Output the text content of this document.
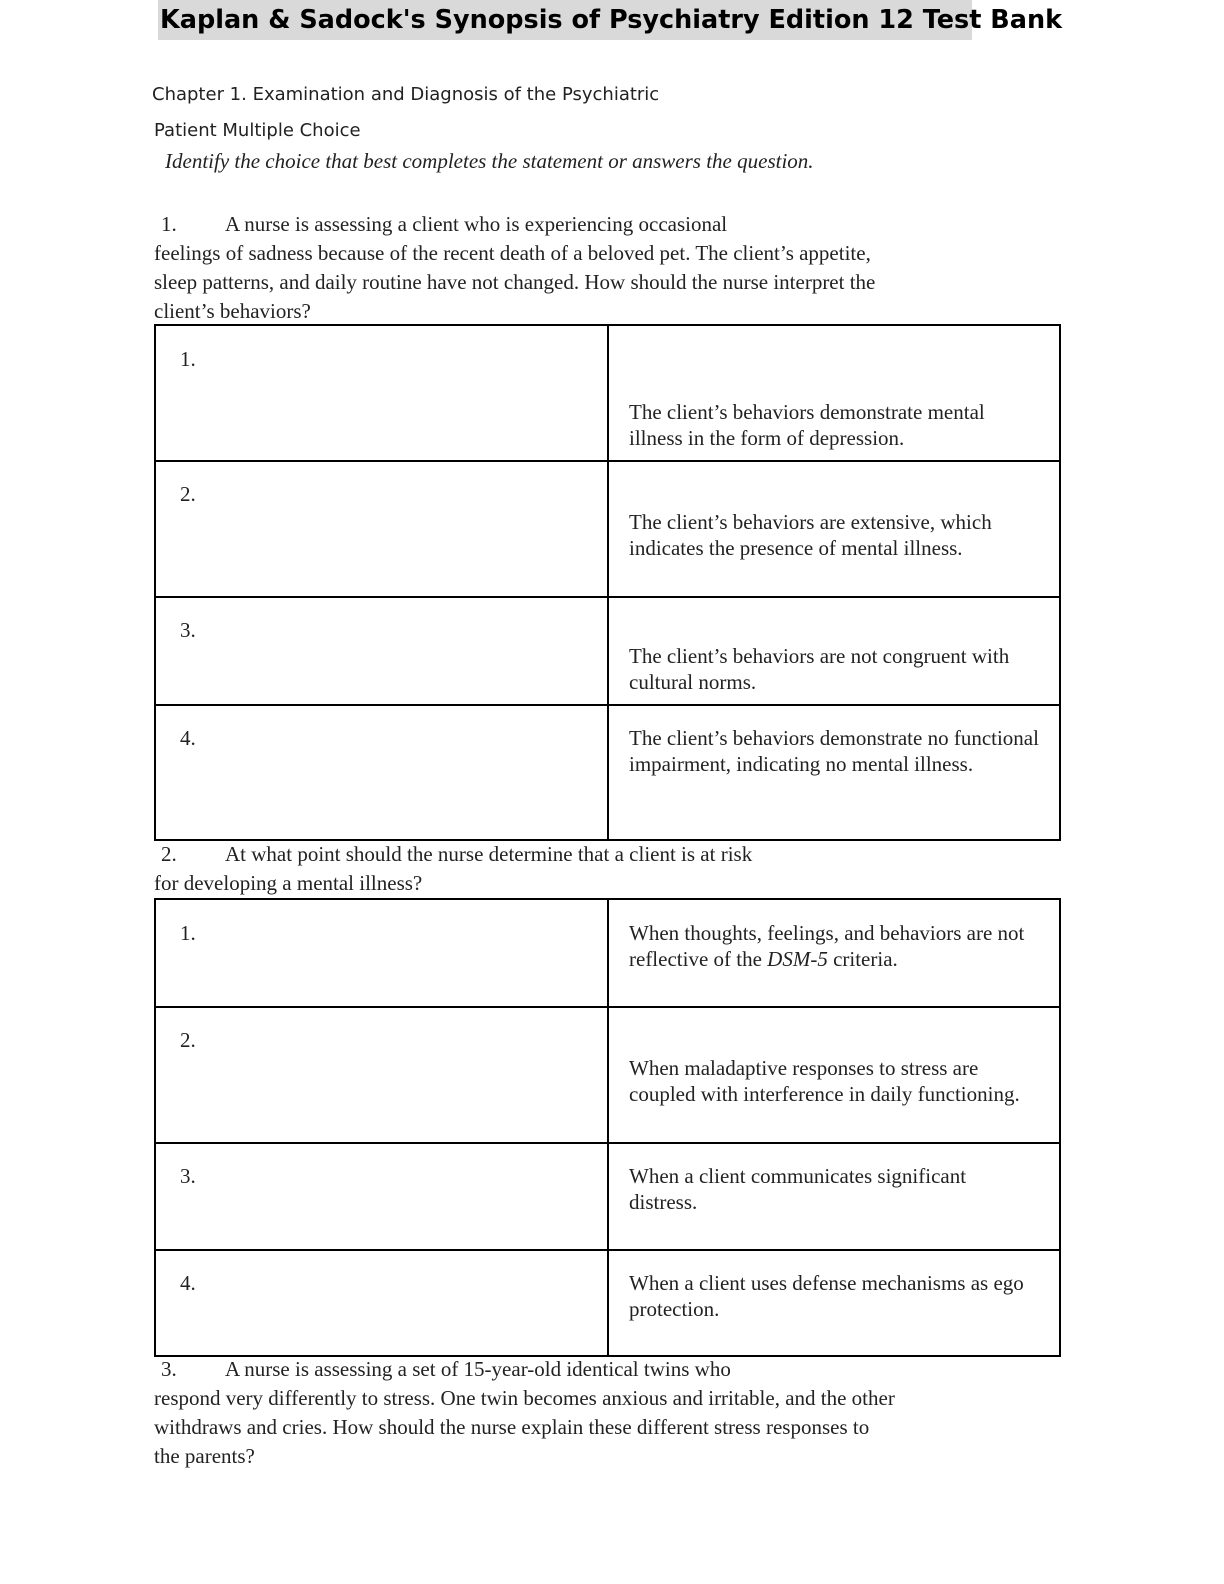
Kaplan & Sadock's Synopsis of Psychiatry Edition 12 Test Bank
Chapter 1. Examination and Diagnosis of the Psychiatric
Patient Multiple Choice
Identify the choice that best completes the statement or answers the question.
1. A nurse is assessing a client who is experiencing occasional
feelings of sadness because of the recent death of a beloved pet. The client’s appetite,
sleep patterns, and daily routine have not changed. How should the nurse interpret the
client’s behaviors?
1.	The client’s behaviors demonstrate mental illness in the form of depression.

2.	The client’s behaviors are extensive, which indicates the presence of mental illness.

3.	The client’s behaviors are not congruent with cultural norms.

4.	The client’s behaviors demonstrate no functional impairment, indicating no mental illness.
2. At what point should the nurse determine that a client is at risk
for developing a mental illness?
1.	When thoughts, feelings, and behaviors are not reflective of the DSM-5 criteria.

2.	When maladaptive responses to stress are coupled with interference in daily functioning.

3.	When a client communicates significant distress.

4.	When a client uses defense mechanisms as ego protection.
3. A nurse is assessing a set of 15-year-old identical twins who
respond very differently to stress. One twin becomes anxious and irritable, and the other
withdraws and cries. How should the nurse explain these different stress responses to
the parents?
